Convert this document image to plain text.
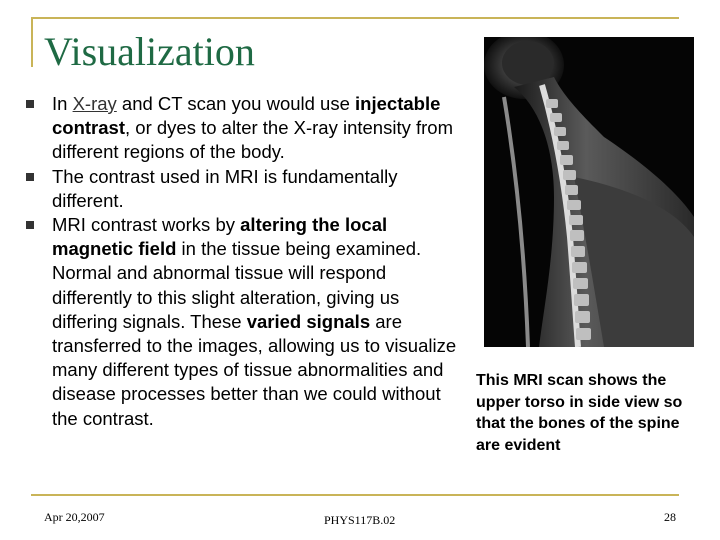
Visualization
In X-ray and CT scan you would use injectable contrast, or dyes to alter the X-ray intensity from different regions of the body.
The contrast used in MRI is fundamentally different.
MRI contrast works by altering the local magnetic field in the tissue being examined. Normal and abnormal tissue will respond differently to this slight alteration, giving us differing signals. These varied signals are transferred to the images, allowing us to visualize many different types of tissue abnormalities and disease processes better than we could without the contrast.
This MRI scan shows the upper torso in side view so that the bones of the spine are evident
Apr 20,2007	PHYS117B.02	28
